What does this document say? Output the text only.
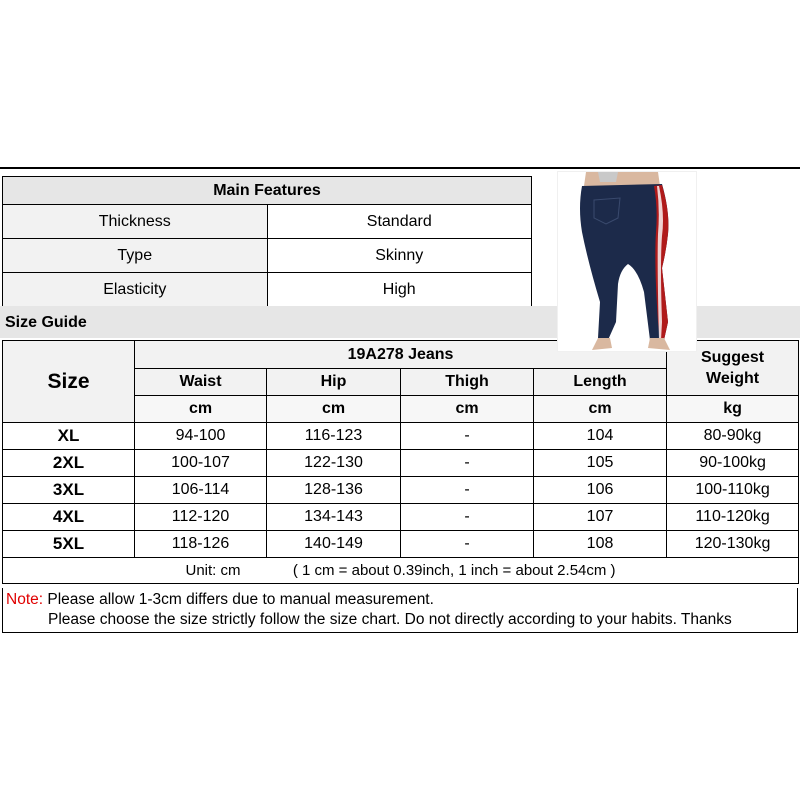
Main Features	
Thickness	Standard
Type	Skinny
Elasticity	High
Size Guide
Size	19A278 Jeans				Suggest
Weight

	Waist	Hip	Thigh	Length	
	cm	cm	cm	cm	kg
XL	94-100	116-123	-	104	80-90kg
2XL	100-107	122-130	-	105	90-100kg
3XL	106-114	128-136	-	106	100-110kg
4XL	112-120	134-143	-	107	110-120kg
5XL	118-126	140-149	-	108	120-130kg
Unit: cm ( 1 cm = about 0.39inch, 1 inch = about 2.54cm )					
Note: Please allow 1-3cm differs due to manual measurement.
Please choose the size strictly follow the size chart. Do not directly according to your habits. Thanks
